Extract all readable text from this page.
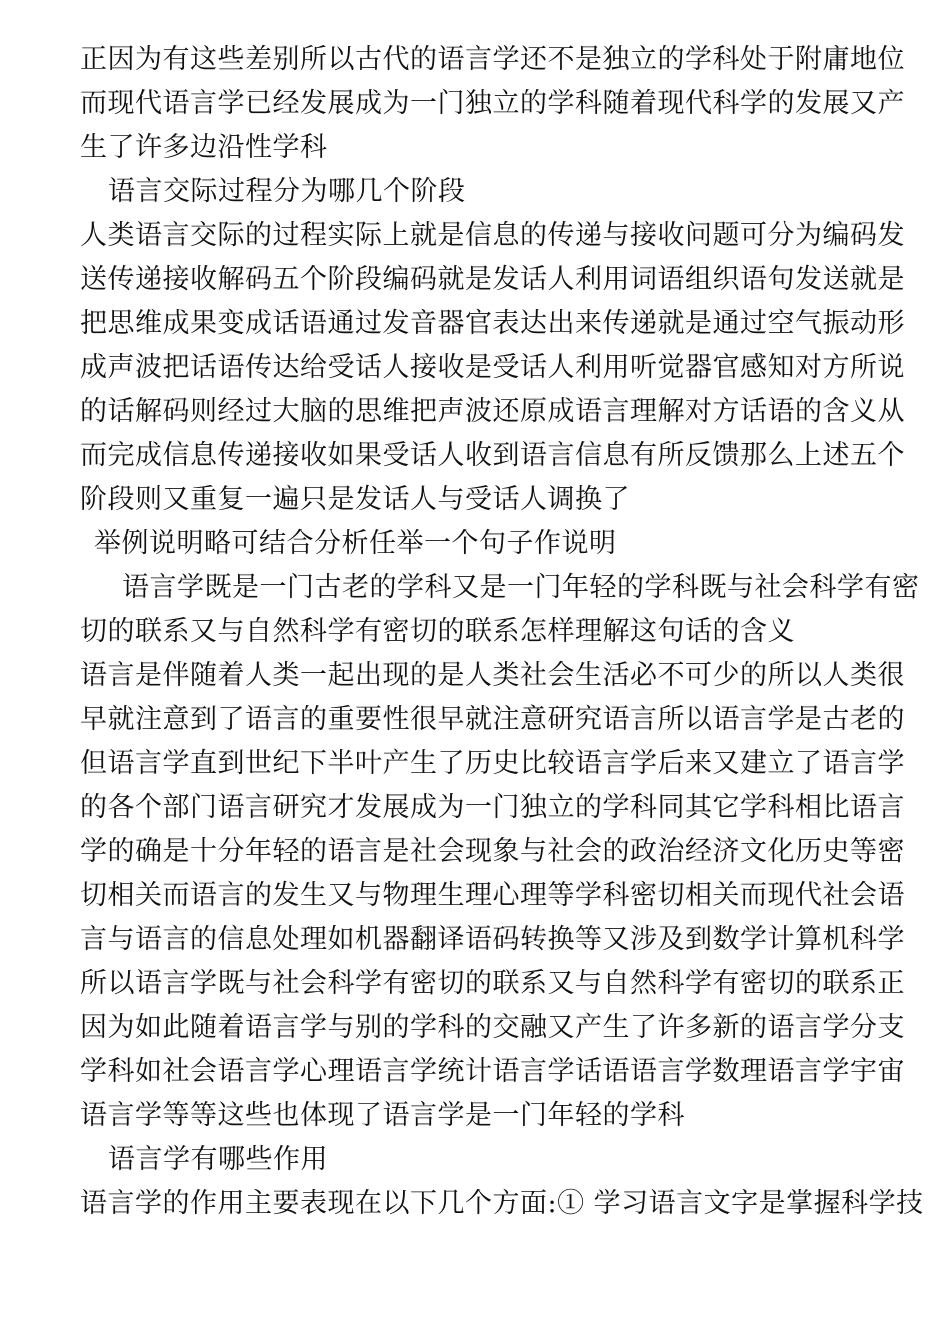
正因为有这些差别所以古代的语言学还不是独立的学科处于附庸地位
而现代语言学已经发展成为一门独立的学科随着现代科学的发展又产
生了许多边沿性学科
语言交际过程分为哪几个阶段
人类语言交际的过程实际上就是信息的传递与接收问题可分为编码发
送传递接收解码五个阶段编码就是发话人利用词语组织语句发送就是
把思维成果变成话语通过发音器官表达出来传递就是通过空气振动形
成声波把话语传达给受话人接收是受话人利用听觉器官感知对方所说
的话解码则经过大脑的思维把声波还原成语言理解对方话语的含义从
而完成信息传递接收如果受话人收到语言信息有所反馈那么上述五个
阶段则又重复一遍只是发话人与受话人调换了
举例说明略可结合分析任举一个句子作说明
语言学既是一门古老的学科又是一门年轻的学科既与社会科学有密
切的联系又与自然科学有密切的联系怎样理解这句话的含义
语言是伴随着人类一起出现的是人类社会生活必不可少的所以人类很
早就注意到了语言的重要性很早就注意研究语言所以语言学是古老的
但语言学直到世纪下半叶产生了历史比较语言学后来又建立了语言学
的各个部门语言研究才发展成为一门独立的学科同其它学科相比语言
学的确是十分年轻的语言是社会现象与社会的政治经济文化历史等密
切相关而语言的发生又与物理生理心理等学科密切相关而现代社会语
言与语言的信息处理如机器翻译语码转换等又涉及到数学计算机科学
所以语言学既与社会科学有密切的联系又与自然科学有密切的联系正
因为如此随着语言学与别的学科的交融又产生了许多新的语言学分支
学科如社会语言学心理语言学统计语言学话语语言学数理语言学宇宙
语言学等等这些也体现了语言学是一门年轻的学科
语言学有哪些作用
语言学的作用主要表现在以下几个方面:① 学习语言文字是掌握科学技
